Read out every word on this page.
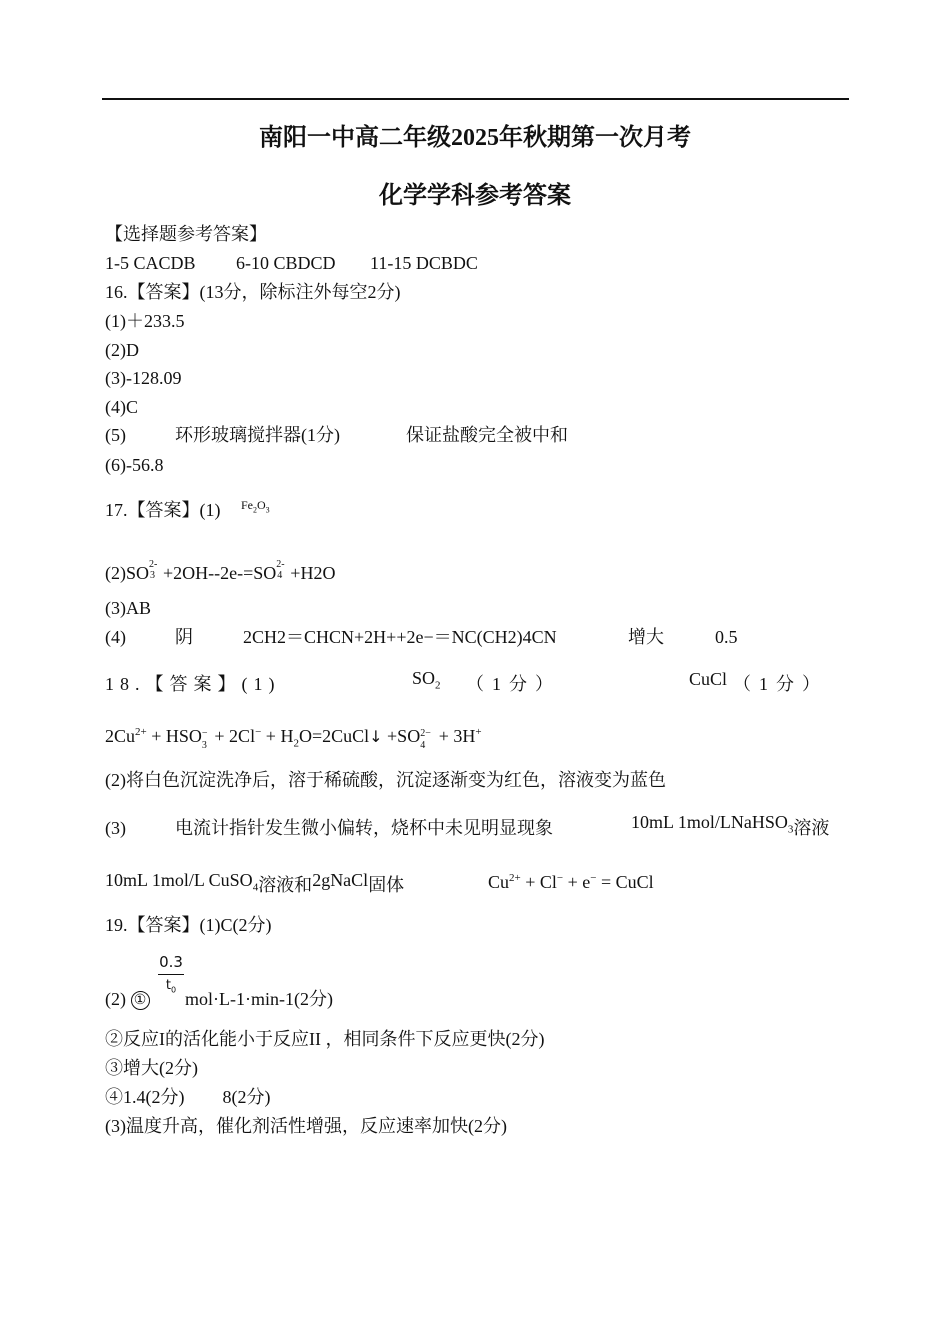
南阳一中高二年级2025年秋期第一次月考
化学学科参考答案
【选择题参考答案】
1-5 CACDB 6-10 CBDCD 11-15 DCBDC
16.【答案】(13分，除标注外每空2分)
(1)＋233.5
(2)D
(3)-128.09
(4)C
(5)	环形玻璃搅拌器(1分)	保证盐酸完全被中和
(6)-56.8
17.【答案】(1) $Fe_2O_3$
(2)SO 2-
3 +2OH--2e-=SO 2-
4 +H2O
(3)AB
(4)	阴	2CH2＝CHCN+2H++2e−＝NC(CH2)4CN	增大	0.5
18.【答案】(1)	$SO_2$ （1分）	CuCl （1分）
$2Cu^{2+}$ + HSO −
$3 + 2Cl^- + H_2O=2CuCl↓ +SO$ 2−
4 + 3H+
(2)将白色沉淀洗净后，溶于稀硫酸，沉淀逐渐变为红色，溶液变为蓝色
(3)	电流计指针发生微小偏转，烧杯中未见明显现象	10mL 1mol/LNaHSO$_3$溶液
10mL 1mol/L CuSO$_4$溶液和2gNaCl固体	$Cu^{2+} + Cl^- + e^-$ = CuCl
19.【答案】(1)C(2分)
0.3
$t_0$
(2) ① mol·L-1·min-1(2分)
②反应I的活化能小于反应II ，相同条件下反应更快(2分)
③增大(2分)
④1.4(2分) 8(2分)
(3)温度升高，催化剂活性增强，反应速率加快(2分)
